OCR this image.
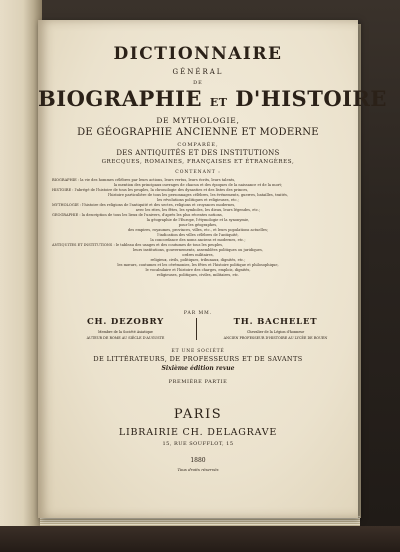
DICTIONNAIRE
GÉNÉRAL
DE
BIOGRAPHIE ET D'HISTOIRE
DE MYTHOLOGIE,
DE GÉOGRAPHIE ANCIENNE ET MODERNE
COMPARÉE,
DES ANTIQUITÉS ET DES INSTITUTIONS
GRECQUES, ROMAINES, FRANÇAISES ET ÉTRANGÈRES,
CONTENANT :
BIOGRAPHIE : la vie des hommes célèbres par leurs actions, leurs vertus, leurs écrits, leurs talents,
la mention des principaux ouvrages de chacun et des époques de la naissance et de la mort;
HISTOIRE : l'abrégé de l'histoire de tous les peuples, la chronologie des dynasties et des listes des princes,
l'histoire particulière de tous les personnages célèbres, les événements, guerres, batailles, traités,
les révolutions politiques et religieuses, etc.;
MYTHOLOGIE : l'histoire des religions de l'antiquité et des sectes, religions et croyances modernes,
avec les rites, les fêtes, les symboles, les dieux, leurs légendes, etc.;
GÉOGRAPHIE : la description de tous les lieux de l'univers, d'après les plus récentes notions,
la géographie de l'Europe, l'étymologie et la synonymie,
pour les géographes,
des empires, royaumes, provinces, villes, etc., et leurs populations actuelles;
l'indication des villes célèbres de l'antiquité,
la concordance des noms anciens et modernes, etc.;
ANTIQUITÉS ET INSTITUTIONS : le tableau des usages et des coutumes de tous les peuples,
leurs institutions, gouvernements, assemblées politiques ou juridiques,
ordres militaires,
religieux, civils, politiques, tribunaux, dignités, etc.;
les mœurs, coutumes et les cérémonies, les fêtes et l'histoire politique et philosophique,
le vocabulaire et l'histoire des charges, emplois, dignités,
religieuses, politiques, civiles, militaires, etc.
PAR MM.
CH. DEZOBRY
Membre de la Société Asiatique
AUTEUR DE ROME AU SIÈCLE D'AUGUSTE
TH. BACHELET
Chevalier de la Légion d'honneur
ANCIEN PROFESSEUR D'HISTOIRE AU LYCÉE DE ROUEN
ET UNE SOCIÉTÉ
DE LITTÉRATEURS, DE PROFESSEURS ET DE SAVANTS
Sixième édition revue
PREMIÈRE PARTIE
PARIS
LIBRAIRIE CH. DELAGRAVE
15, RUE SOUFFLOT, 15
1880
Tous droits réservés
